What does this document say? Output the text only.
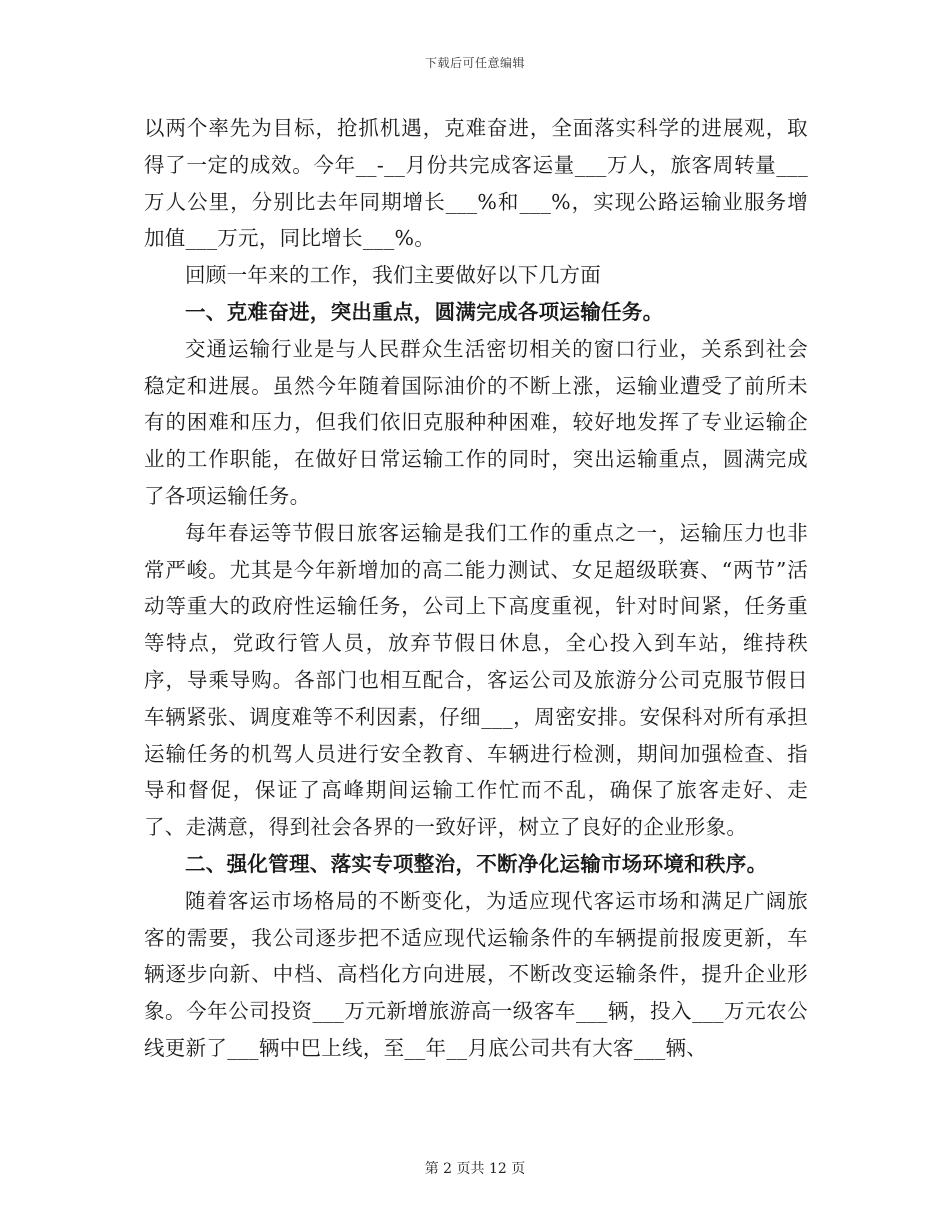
下载后可任意编辑

以两个率先为目标，抢抓机遇，克难奋进，全面落实科学的进展观，取得了一定的成效。今年__-__月份共完成客运量___万人，旅客周转量___万人公里，分别比去年同期增长___%和___%，实现公路运输业服务增加值___万元，同比增长___%。

回顾一年来的工作，我们主要做好以下几方面

一、克难奋进，突出重点，圆满完成各项运输任务。

交通运输行业是与人民群众生活密切相关的窗口行业，关系到社会稳定和进展。虽然今年随着国际油价的不断上涨，运输业遭受了前所未有的困难和压力，但我们依旧克服种种困难，较好地发挥了专业运输企业的工作职能，在做好日常运输工作的同时，突出运输重点，圆满完成了各项运输任务。

每年春运等节假日旅客运输是我们工作的重点之一，运输压力也非常严峻。尤其是今年新增加的高二能力测试、女足超级联赛、“两节”活动等重大的政府性运输任务，公司上下高度重视，针对时间紧，任务重等特点，党政行管人员，放弃节假日休息，全心投入到车站，维持秩序，导乘导购。各部门也相互配合，客运公司及旅游分公司克服节假日车辆紧张、调度难等不利因素，仔细___，周密安排。安保科对所有承担运输任务的机驾人员进行安全教育、车辆进行检测，期间加强检查、指导和督促，保证了高峰期间运输工作忙而不乱，确保了旅客走好、走了、走满意，得到社会各界的一致好评，树立了良好的企业形象。

二、强化管理、落实专项整治，不断净化运输市场环境和秩序。

随着客运市场格局的不断变化，为适应现代客运市场和满足广阔旅客的需要，我公司逐步把不适应现代运输条件的车辆提前报废更新，车辆逐步向新、中档、高档化方向进展，不断改变运输条件，提升企业形象。今年公司投资___万元新增旅游高一级客车___辆，投入___万元农公线更新了___辆中巴上线，至__年__月底公司共有大客___辆、

第 2 页共 12 页
